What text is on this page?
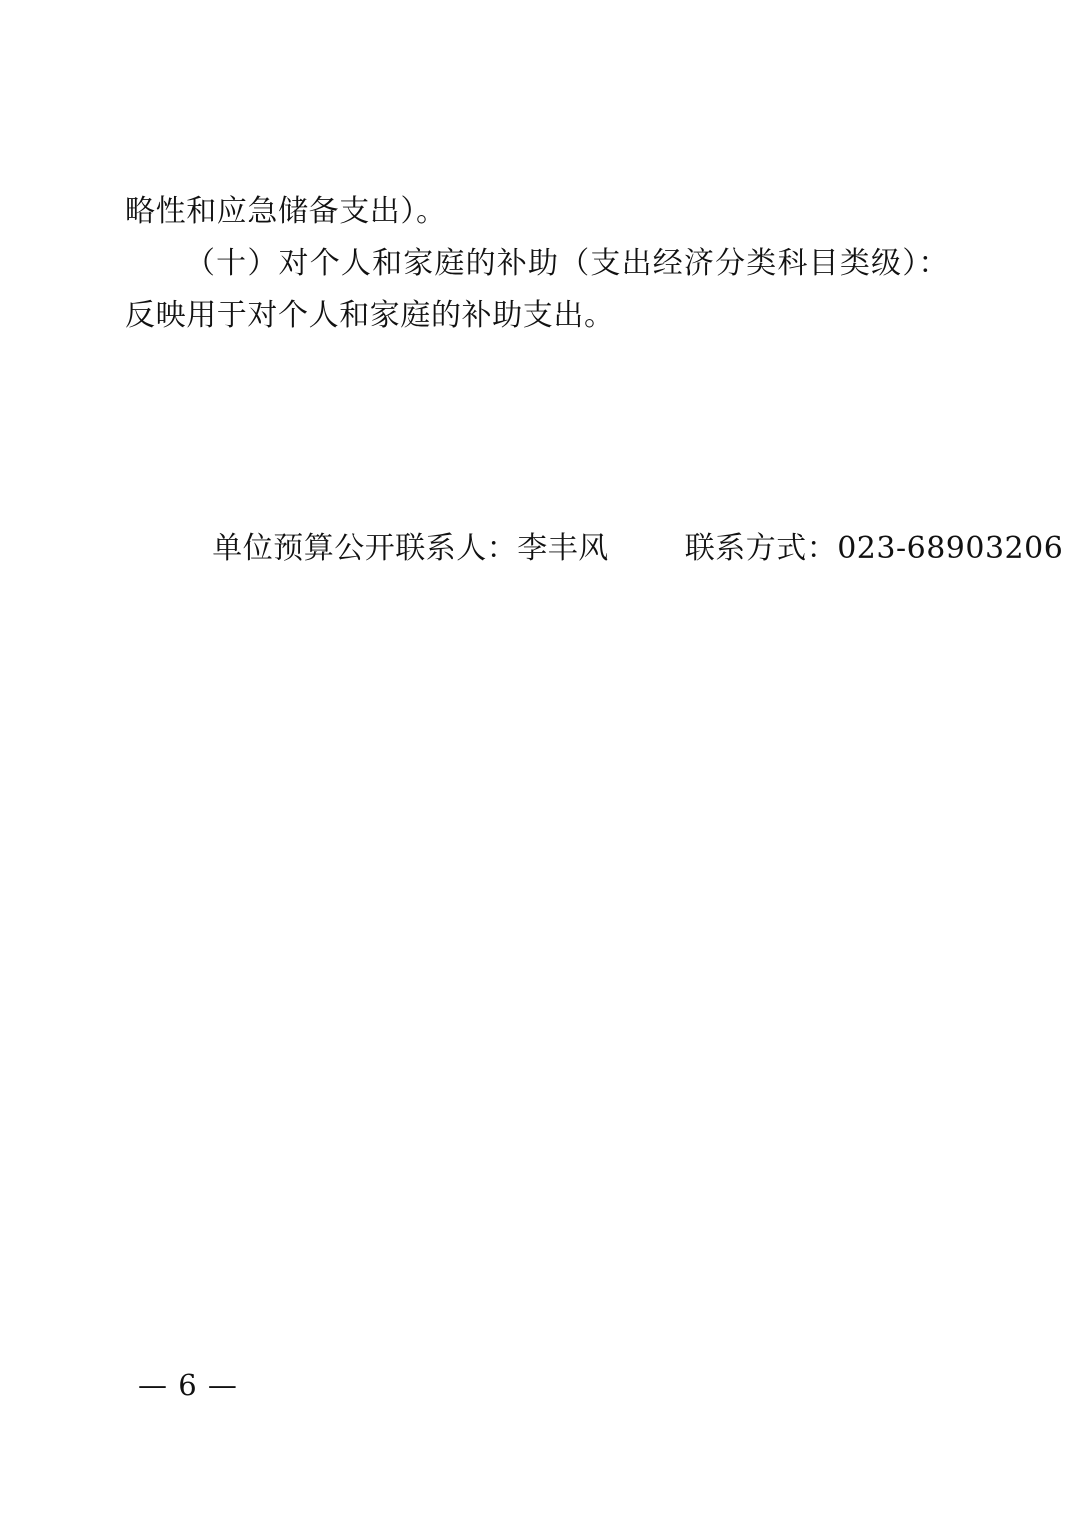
略性和应急储备支出）。

（十）对个人和家庭的补助（支出经济分类科目类级）：反映用于对个人和家庭的补助支出。

单位预算公开联系人：李丰风	联系方式：023-68903206

— 6 —
